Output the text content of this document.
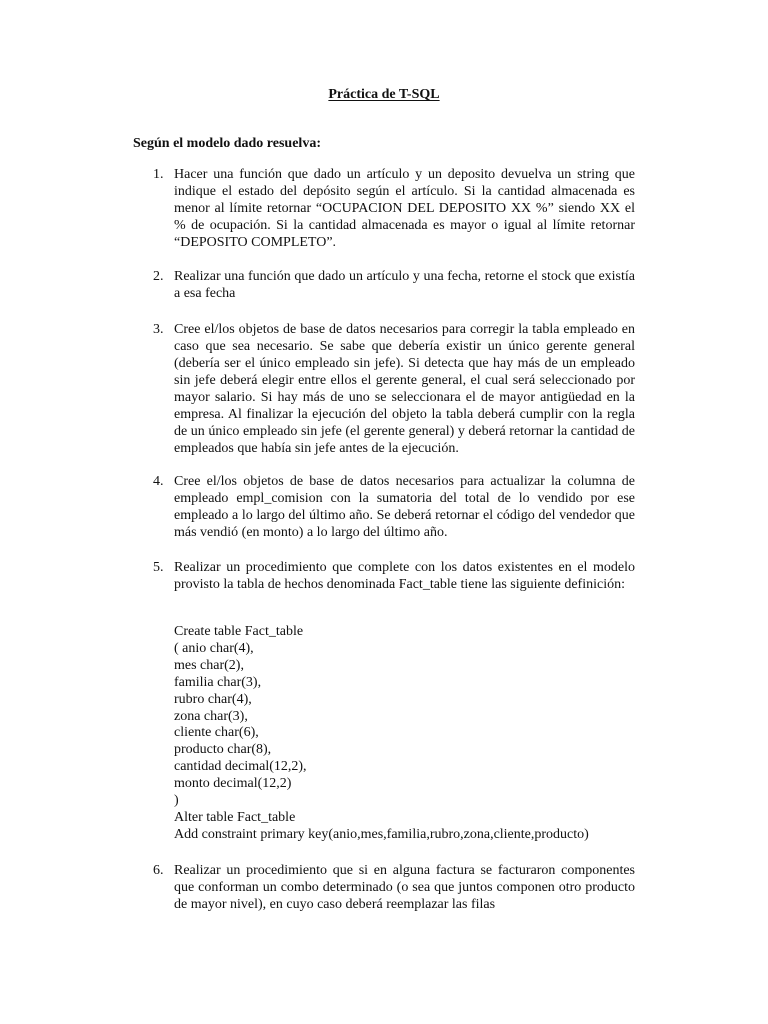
Práctica de T-SQL
Según el modelo dado resuelva:
1. Hacer una función que dado un artículo y un deposito devuelva un string que indique el estado del depósito según el artículo. Si la cantidad almacenada es menor al límite retornar “OCUPACION DEL DEPOSITO XX %” siendo XX el % de ocupación. Si la cantidad almacenada es mayor o igual al límite retornar “DEPOSITO COMPLETO”.
2. Realizar una función que dado un artículo y una fecha, retorne el stock que existía a esa fecha
3. Cree el/los objetos de base de datos necesarios para corregir la tabla empleado en caso que sea necesario. Se sabe que debería existir un único gerente general (debería ser el único empleado sin jefe). Si detecta que hay más de un empleado sin jefe deberá elegir entre ellos el gerente general, el cual será seleccionado por mayor salario. Si hay más de uno se seleccionara el de mayor antigüedad en la empresa. Al finalizar la ejecución del objeto la tabla deberá cumplir con la regla de un único empleado sin jefe (el gerente general) y deberá retornar la cantidad de empleados que había sin jefe antes de la ejecución.
4. Cree el/los objetos de base de datos necesarios para actualizar la columna de empleado empl_comision con la sumatoria del total de lo vendido por ese empleado a lo largo del último año. Se deberá retornar el código del vendedor que más vendió (en monto) a lo largo del último año.
5. Realizar un procedimiento que complete con los datos existentes en el modelo provisto la tabla de hechos denominada Fact_table tiene las siguiente definición:
Create table Fact_table
( anio char(4),
mes char(2),
familia char(3),
rubro char(4),
zona char(3),
cliente char(6),
producto char(8),
cantidad decimal(12,2),
monto decimal(12,2)
)
Alter table Fact_table
Add constraint primary key(anio,mes,familia,rubro,zona,cliente,producto)
6. Realizar un procedimiento que si en alguna factura se facturaron componentes que conforman un combo determinado (o sea que juntos componen otro producto de mayor nivel), en cuyo caso deberá reemplazar las filas
